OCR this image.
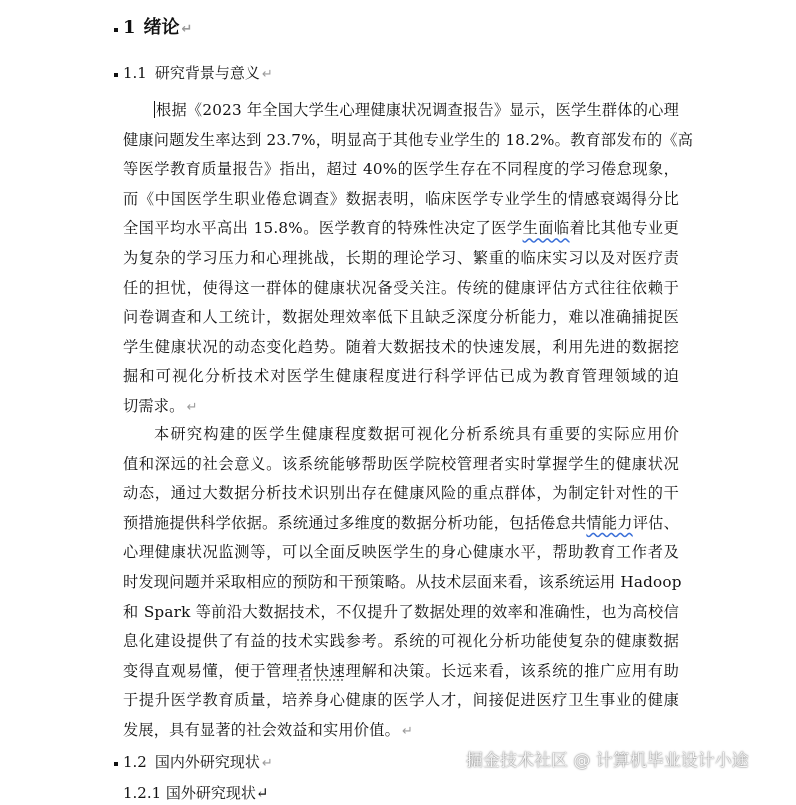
1 绪论 ↵
1.1 研究背景与意义 ↵
根据《2023 年全国大学生心理健康状况调查报告》显示，医学生群体的心理
健康问题发生率达到 23.7%，明显高于其他专业学生的 18.2%。教育部发布的《高
等医学教育质量报告》指出，超过 40%的医学生存在不同程度的学习倦怠现象，
而《中国医学生职业倦怠调查》数据表明，临床医学专业学生的情感衰竭得分比
全国平均水平高出 15.8%。医学教育的特殊性决定了医学生面临着比其他专业更
为复杂的学习压力和心理挑战，长期的理论学习、繁重的临床实习以及对医疗责
任的担忧，使得这一群体的健康状况备受关注。传统的健康评估方式往往依赖于
问卷调查和人工统计，数据处理效率低下且缺乏深度分析能力，难以准确捕捉医
学生健康状况的动态变化趋势。随着大数据技术的快速发展，利用先进的数据挖
掘和可视化分析技术对医学生健康程度进行科学评估已成为教育管理领域的迫
切需求。 ↵
本研究构建的医学生健康程度数据可视化分析系统具有重要的实际应用价
值和深远的社会意义。该系统能够帮助医学院校管理者实时掌握学生的健康状况
动态，通过大数据分析技术识别出存在健康风险的重点群体，为制定针对性的干
预措施提供科学依据。系统通过多维度的数据分析功能，包括倦怠共情能力评估、
心理健康状况监测等，可以全面反映医学生的身心健康水平，帮助教育工作者及
时发现问题并采取相应的预防和干预策略。从技术层面来看，该系统运用 Hadoop
和 Spark 等前沿大数据技术，不仅提升了数据处理的效率和准确性，也为高校信
息化建设提供了有益的技术实践参考。系统的可视化分析功能使复杂的健康数据
变得直观易懂，便于管理者快速理解和决策。长远来看，该系统的推广应用有助
于提升医学教育质量，培养身心健康的医学人才，间接促进医疗卫生事业的健康
发展，具有显著的社会效益和实用价值。 ↵
1.2 国内外研究现状 ↵
1.2.1 国外研究现状↵
掘金技术社区 @ 计算机毕业设计小途
